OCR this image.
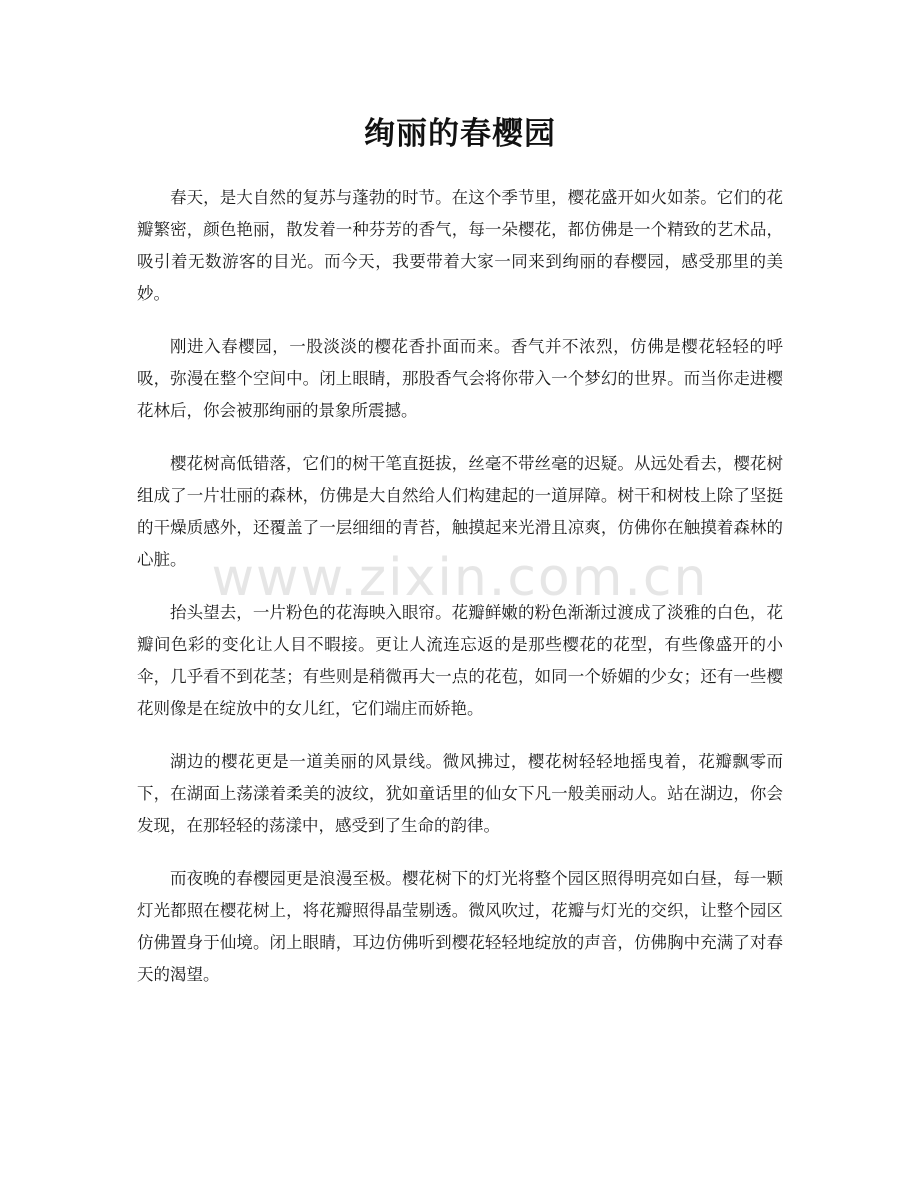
绚丽的春樱园

春天，是大自然的复苏与蓬勃的时节。在这个季节里，樱花盛开如火如荼。它们的花瓣繁密，颜色艳丽，散发着一种芬芳的香气，每一朵樱花，都仿佛是一个精致的艺术品，吸引着无数游客的目光。而今天，我要带着大家一同来到绚丽的春樱园，感受那里的美妙。

刚进入春樱园，一股淡淡的樱花香扑面而来。香气并不浓烈，仿佛是樱花轻轻的呼吸，弥漫在整个空间中。闭上眼睛，那股香气会将你带入一个梦幻的世界。而当你走进樱花林后，你会被那绚丽的景象所震撼。

樱花树高低错落，它们的树干笔直挺拔，丝毫不带丝毫的迟疑。从远处看去，樱花树组成了一片壮丽的森林，仿佛是大自然给人们构建起的一道屏障。树干和树枝上除了坚挺的干燥质感外，还覆盖了一层细细的青苔，触摸起来光滑且凉爽，仿佛你在触摸着森林的心脏。

抬头望去，一片粉色的花海映入眼帘。花瓣鲜嫩的粉色渐渐过渡成了淡雅的白色，花瓣间色彩的变化让人目不暇接。更让人流连忘返的是那些樱花的花型，有些像盛开的小伞，几乎看不到花茎；有些则是稍微再大一点的花苞，如同一个娇媚的少女；还有一些樱花则像是在绽放中的女儿红，它们端庄而娇艳。

湖边的樱花更是一道美丽的风景线。微风拂过，樱花树轻轻地摇曳着，花瓣飘零而下，在湖面上荡漾着柔美的波纹，犹如童话里的仙女下凡一般美丽动人。站在湖边，你会发现，在那轻轻的荡漾中，感受到了生命的韵律。

而夜晚的春樱园更是浪漫至极。樱花树下的灯光将整个园区照得明亮如白昼，每一颗灯光都照在樱花树上，将花瓣照得晶莹剔透。微风吹过，花瓣与灯光的交织，让整个园区仿佛置身于仙境。闭上眼睛，耳边仿佛听到樱花轻轻地绽放的声音，仿佛胸中充满了对春天的渴望。

www.zixin.com.cn
